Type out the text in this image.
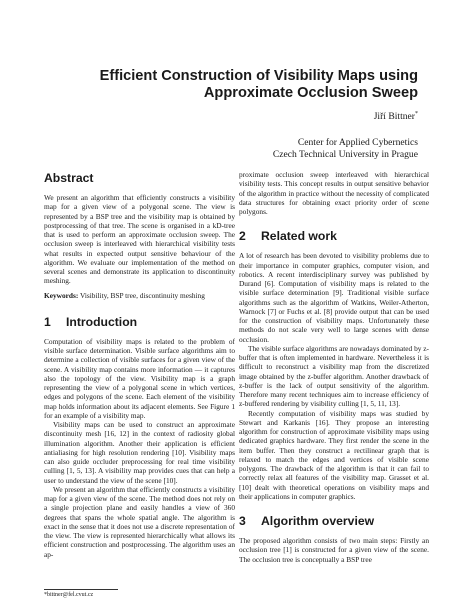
Efficient Construction of Visibility Maps using
Approximate Occlusion Sweep
Jiří Bittner*
Center for Applied Cybernetics
Czech Technical University in Prague
Abstract

We present an algorithm that efficiently constructs a visibility map for a given view of a polygonal scene. The view is represented by a BSP tree and the visibility map is obtained by postprocessing of that tree. The scene is organised in a kD-tree that is used to perform an approximate occlusion sweep. The occlusion sweep is interleaved with hierarchical visibility tests what results in expected output sensitive behaviour of the algorithm. We evaluate our implementation of the method on several scenes and demonstrate its application to discontinuity meshing.

Keywords: Visibility, BSP tree, discontinuity meshing

1 Introduction

Computation of visibility maps is related to the problem of visible surface determination. Visible surface algorithms aim to determine a collection of visible surfaces for a given view of the scene. A visibility map contains more information — it captures also the topology of the view. Visibility map is a graph representing the view of a polygonal scene in which vertices, edges and polygons of the scene. Each element of the visibility map holds information about its adjacent elements. See Figure 1 for an example of a visibility map.

Visibility maps can be used to construct an approximate discontinuity mesh [16, 12] in the context of radiosity global illumination algorithm. Another their application is efficient antialiasing for high resolution rendering [10]. Visibility maps can also guide occluder preprocessing for real time visibility culling [1, 5, 13]. A visibility map provides cues that can help a user to understand the view of the scene [10].

We present an algorithm that efficiently constructs a visibility map for a given view of the scene. The method does not rely on a single projection plane and easily handles a view of 360 degrees that spans the whole spatial angle. The algorithm is exact in the sense that it does not use a discrete representation of the view. The view is represented hierarchically what allows its efficient construction and postprocessing. The algorithm uses an ap-

proximate occlusion sweep interleaved with hierarchical visibility tests. This concept results in output sensitive behavior of the algorithm in practice without the necessity of complicated data structures for obtaining exact priority order of scene polygons.

2 Related work

A lot of research has been devoted to visibility problems due to their importance in computer graphics, computer vision, and robotics. A recent interdisciplinary survey was published by Durand [6]. Computation of visibility maps is related to the visible surface determination [9]. Traditional visible surface algorithms such as the algorithm of Watkins, Weiler-Atherton, Warnock [7] or Fuchs et al. [8] provide output that can be used for the construction of visibility maps. Unfortunately these methods do not scale very well to large scenes with dense occlusion.

The visible surface algorithms are nowadays dominated by z-buffer that is often implemented in hardware. Nevertheless it is difficult to reconstruct a visibility map from the discretized image obtained by the z-buffer algorithm. Another drawback of z-buffer is the lack of output sensitivity of the algorithm. Therefore many recent techniques aim to increase efficiency of z-buffered rendering by visibility culling [1, 5, 11, 13].

Recently computation of visibility maps was studied by Stewart and Karkanis [16]. They propose an interesting algorithm for construction of approximate visibility maps using dedicated graphics hardware. They first render the scene in the item buffer. Then they construct a rectilinear graph that is relaxed to match the edges and vertices of visible scene polygons. The drawback of the algorithm is that it can fail to correctly relax all features of the visibility map. Grasset et al. [10] dealt with theoretical operations on visibility maps and their applications in computer graphics.

3 Algorithm overview

The proposed algorithm consists of two main steps: Firstly an occlusion tree [1] is constructed for a given view of the scene. The occlusion tree is conceptually a BSP tree

*bittner@fel.cvut.cz
